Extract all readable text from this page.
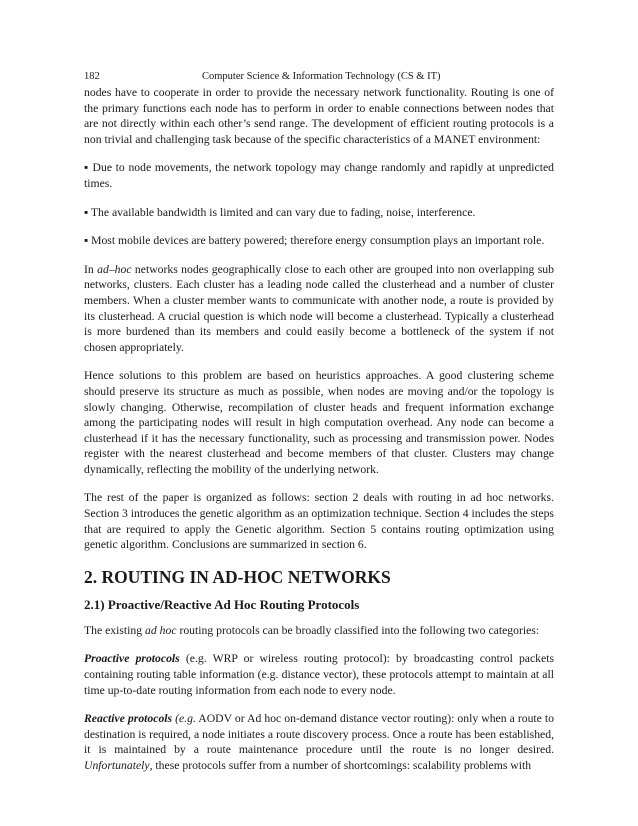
182	Computer Science & Information Technology (CS & IT)

nodes have to cooperate in order to provide the necessary network functionality. Routing is one of the primary functions each node has to perform in order to enable connections between nodes that are not directly within each other’s send range. The development of efficient routing protocols is a non trivial and challenging task because of the specific characteristics of a MANET environment:

▪ Due to node movements, the network topology may change randomly and rapidly at unpredicted times.

▪ The available bandwidth is limited and can vary due to fading, noise, interference.

▪ Most mobile devices are battery powered; therefore energy consumption plays an important role.

In ad–hoc networks nodes geographically close to each other are grouped into non overlapping sub networks, clusters. Each cluster has a leading node called the clusterhead and a number of cluster members. When a cluster member wants to communicate with another node, a route is provided by its clusterhead. A crucial question is which node will become a clusterhead. Typically a clusterhead is more burdened than its members and could easily become a bottleneck of the system if not chosen appropriately.

Hence solutions to this problem are based on heuristics approaches. A good clustering scheme should preserve its structure as much as possible, when nodes are moving and/or the topology is slowly changing. Otherwise, recompilation of cluster heads and frequent information exchange among the participating nodes will result in high computation overhead. Any node can become a clusterhead if it has the necessary functionality, such as processing and transmission power. Nodes register with the nearest clusterhead and become members of that cluster. Clusters may change dynamically, reflecting the mobility of the underlying network.

The rest of the paper is organized as follows: section 2 deals with routing in ad hoc networks. Section 3 introduces the genetic algorithm as an optimization technique. Section 4 includes the steps that are required to apply the Genetic algorithm. Section 5 contains routing optimization using genetic algorithm. Conclusions are summarized in section 6.

2. ROUTING IN AD-HOC NETWORKS
2.1) Proactive/Reactive Ad Hoc Routing Protocols

The existing ad hoc routing protocols can be broadly classified into the following two categories:

Proactive protocols (e.g. WRP or wireless routing protocol): by broadcasting control packets containing routing table information (e.g. distance vector), these protocols attempt to maintain at all time up-to-date routing information from each node to every node.

Reactive protocols (e.g. AODV or Ad hoc on-demand distance vector routing): only when a route to destination is required, a node initiates a route discovery process. Once a route has been established, it is maintained by a route maintenance procedure until the route is no longer desired. Unfortunately, these protocols suffer from a number of shortcomings: scalability problems with
